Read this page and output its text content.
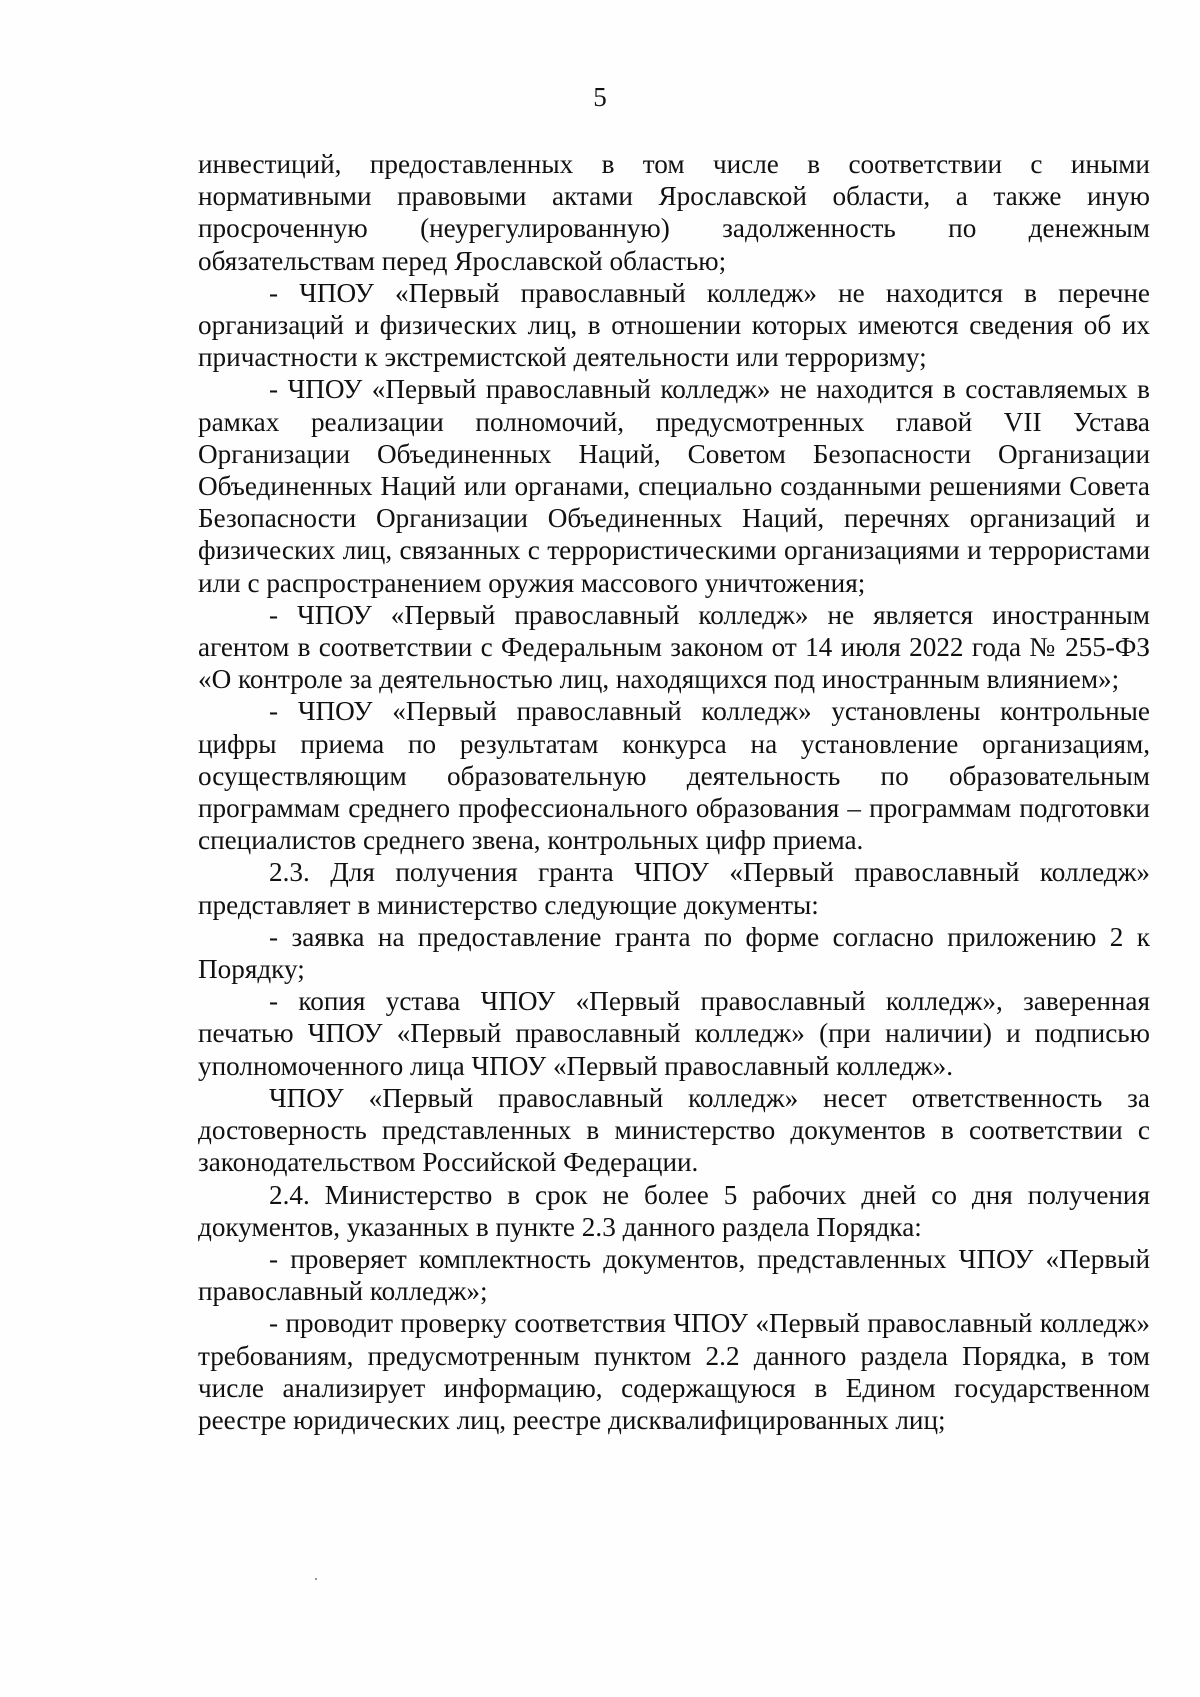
5

инвестиций, предоставленных в том числе в соответствии с иными нормативными правовыми актами Ярославской области, а также иную просроченную (неурегулированную) задолженность по денежным обязательствам перед Ярославской областью;

- ЧПОУ «Первый православный колледж» не находится в перечне организаций и физических лиц, в отношении которых имеются сведения об их причастности к экстремистской деятельности или терроризму;

- ЧПОУ «Первый православный колледж» не находится в составляемых в рамках реализации полномочий, предусмотренных главой VII Устава Организации Объединенных Наций, Советом Безопасности Организации Объединенных Наций или органами, специально созданными решениями Совета Безопасности Организации Объединенных Наций, перечнях организаций и физических лиц, связанных с террористическими организациями и террористами или с распространением оружия массового уничтожения;

- ЧПОУ «Первый православный колледж» не является иностранным агентом в соответствии с Федеральным законом от 14 июля 2022 года № 255-ФЗ «О контроле за деятельностью лиц, находящихся под иностранным влиянием»;

- ЧПОУ «Первый православный колледж» установлены контрольные цифры приема по результатам конкурса на установление организациям, осуществляющим образовательную деятельность по образовательным программам среднего профессионального образования – программам подготовки специалистов среднего звена, контрольных цифр приема.

2.3. Для получения гранта ЧПОУ «Первый православный колледж» представляет в министерство следующие документы:

- заявка на предоставление гранта по форме согласно приложению 2 к Порядку;

- копия устава ЧПОУ «Первый православный колледж», заверенная печатью ЧПОУ «Первый православный колледж» (при наличии) и подписью уполномоченного лица ЧПОУ «Первый православный колледж».

ЧПОУ «Первый православный колледж» несет ответственность за достоверность представленных в министерство документов в соответствии с законодательством Российской Федерации.

2.4. Министерство в срок не более 5 рабочих дней со дня получения документов, указанных в пункте 2.3 данного раздела Порядка:

- проверяет комплектность документов, представленных ЧПОУ «Первый православный колледж»;

- проводит проверку соответствия ЧПОУ «Первый православный колледж» требованиям, предусмотренным пунктом 2.2 данного раздела Порядка, в том числе анализирует информацию, содержащуюся в Едином государственном реестре юридических лиц, реестре дисквалифицированных лиц;
